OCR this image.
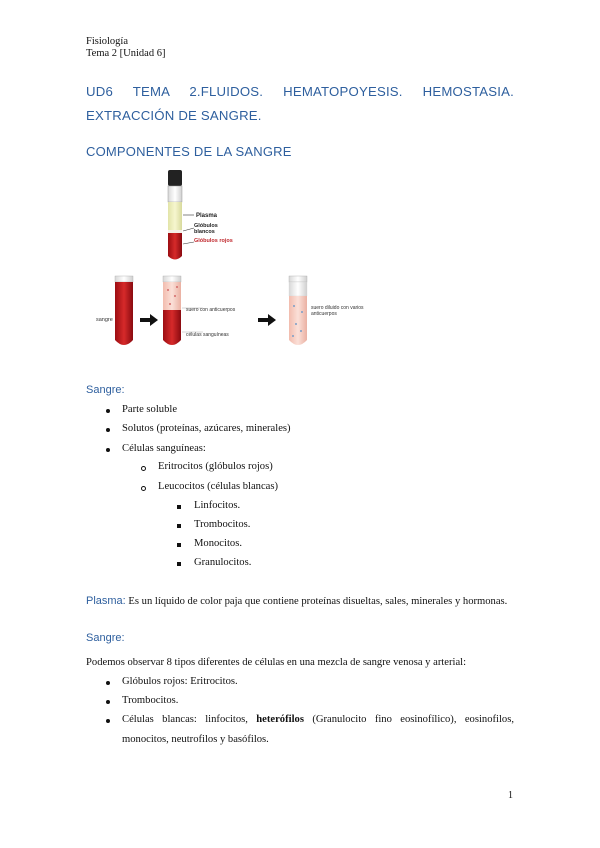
Fisiología
Tema 2 [Unidad 6]
UD6 TEMA 2.FLUIDOS. HEMATOPOYESIS. HEMOSTASIA.
EXTRACCIÓN DE SANGRE.
COMPONENTES DE LA SANGRE
Plasma
Glóbulos blancos
Glóbulos rojos
sangre
suero con anticuerpos
células sanguíneas
suero diluido con varios anticuerpos
Sangre:
Parte soluble
Solutos (proteínas, azúcares, minerales)
Células sanguíneas:
Eritrocitos (glóbulos rojos)
Leucocitos (células blancas)
Linfocitos.
Trombocitos.
Monocitos.
Granulocitos.
Plasma: Es un líquido de color paja que contiene proteínas disueltas, sales, minerales y hormonas.
Sangre:
Podemos observar 8 tipos diferentes de células en una mezcla de sangre venosa y arterial:
Glóbulos rojos: Eritrocitos.
Trombocitos.
Células blancas: linfocitos, heterófilos (Granulocito fino eosinofílico), eosinofilos,
monocitos, neutrofilos y basófilos.
1
